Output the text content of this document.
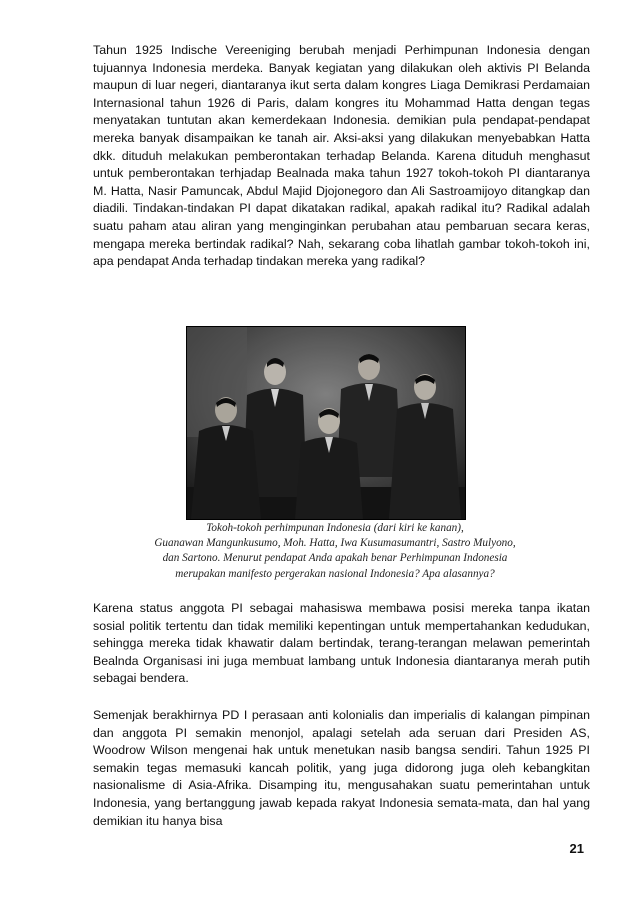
Tahun 1925 Indische Vereeniging berubah menjadi Perhimpunan Indonesia dengan tujuannya Indonesia merdeka. Banyak kegiatan yang dilakukan oleh aktivis PI Belanda maupun di luar negeri, diantaranya ikut serta dalam kongres Liaga Demikrasi Perdamaian Internasional tahun 1926 di Paris, dalam kongres itu Mohammad Hatta dengan tegas menyatakan tuntutan akan kemerdekaan Indonesia. demikian pula pendapat-pendapat mereka banyak disampaikan ke tanah air. Aksi-aksi yang dilakukan menyebabkan Hatta dkk. dituduh melakukan pemberontakan terhadap Belanda. Karena dituduh menghasut untuk pemberontakan terhjadap Bealnada maka tahun 1927 tokoh-tokoh PI diantaranya M. Hatta, Nasir Pamuncak, Abdul Majid Djojonegoro dan Ali Sastroamijoyo ditangkap dan diadili. Tindakan-tindakan PI dapat dikatakan radikal, apakah radikal itu? Radikal adalah suatu paham atau aliran yang menginginkan perubahan atau pembaruan secara keras, mengapa mereka bertindak radikal? Nah, sekarang coba lihatlah gambar tokoh-tokoh ini, apa pendapat Anda terhadap tindakan mereka yang radikal?

Tokoh-tokoh perhimpunan Indonesia (dari kiri ke kanan),
Guanawan Mangunkusumo, Moh. Hatta, Iwa Kusumasumantri, Sastro Mulyono,
dan Sartono. Menurut pendapat Anda apakah benar Perhimpunan Indonesia
merupakan manifesto pergerakan nasional Indonesia? Apa alasannya?

Karena status anggota PI sebagai mahasiswa membawa posisi mereka tanpa ikatan sosial politik tertentu dan tidak memiliki kepentingan untuk mempertahankan kedudukan, sehingga mereka tidak khawatir dalam bertindak, terang-terangan melawan pemerintah Bealnda Organisasi ini juga membuat lambang untuk Indonesia diantaranya merah putih sebagai bendera.

Semenjak berakhirnya PD I perasaan anti kolonialis dan imperialis di kalangan pimpinan dan anggota PI semakin menonjol, apalagi setelah ada seruan dari Presiden AS, Woodrow Wilson mengenai hak untuk menetukan nasib bangsa sendiri. Tahun 1925 PI semakin tegas memasuki kancah politik, yang juga didorong juga oleh kebangkitan nasionalisme di Asia-Afrika. Disamping itu, mengusahakan suatu pemerintahan untuk Indonesia, yang bertanggung jawab kepada rakyat Indonesia semata-mata, dan hal yang demikian itu hanya bisa

21
